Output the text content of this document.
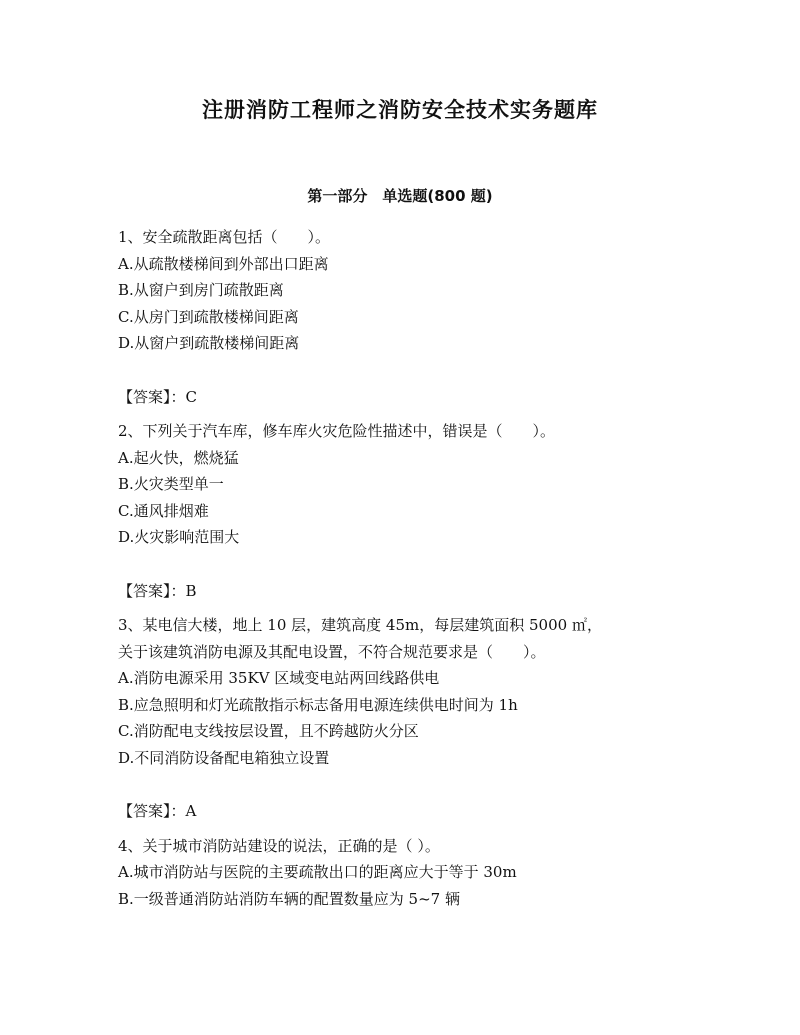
注册消防工程师之消防安全技术实务题库
第一部分　单选题(800 题)
1、安全疏散距离包括（　　）。
A.从疏散楼梯间到外部出口距离
B.从窗户到房门疏散距离
C.从房门到疏散楼梯间距离
D.从窗户到疏散楼梯间距离
【答案】：C
2、下列关于汽车库，修车库火灾危险性描述中，错误是（　　）。
A.起火快，燃烧猛
B.火灾类型单一
C.通风排烟难
D.火灾影响范围大
【答案】：B
3、某电信大楼，地上 10 层，建筑高度 45m，每层建筑面积 5000 ㎡，
关于该建筑消防电源及其配电设置，不符合规范要求是（　　）。
A.消防电源采用 35KV 区域变电站两回线路供电
B.应急照明和灯光疏散指示标志备用电源连续供电时间为 1h
C.消防配电支线按层设置，且不跨越防火分区
D.不同消防设备配电箱独立设置
【答案】：A
4、关于城市消防站建设的说法，正确的是（ ）。
A.城市消防站与医院的主要疏散出口的距离应大于等于 30m
B.一级普通消防站消防车辆的配置数量应为 5~7 辆
